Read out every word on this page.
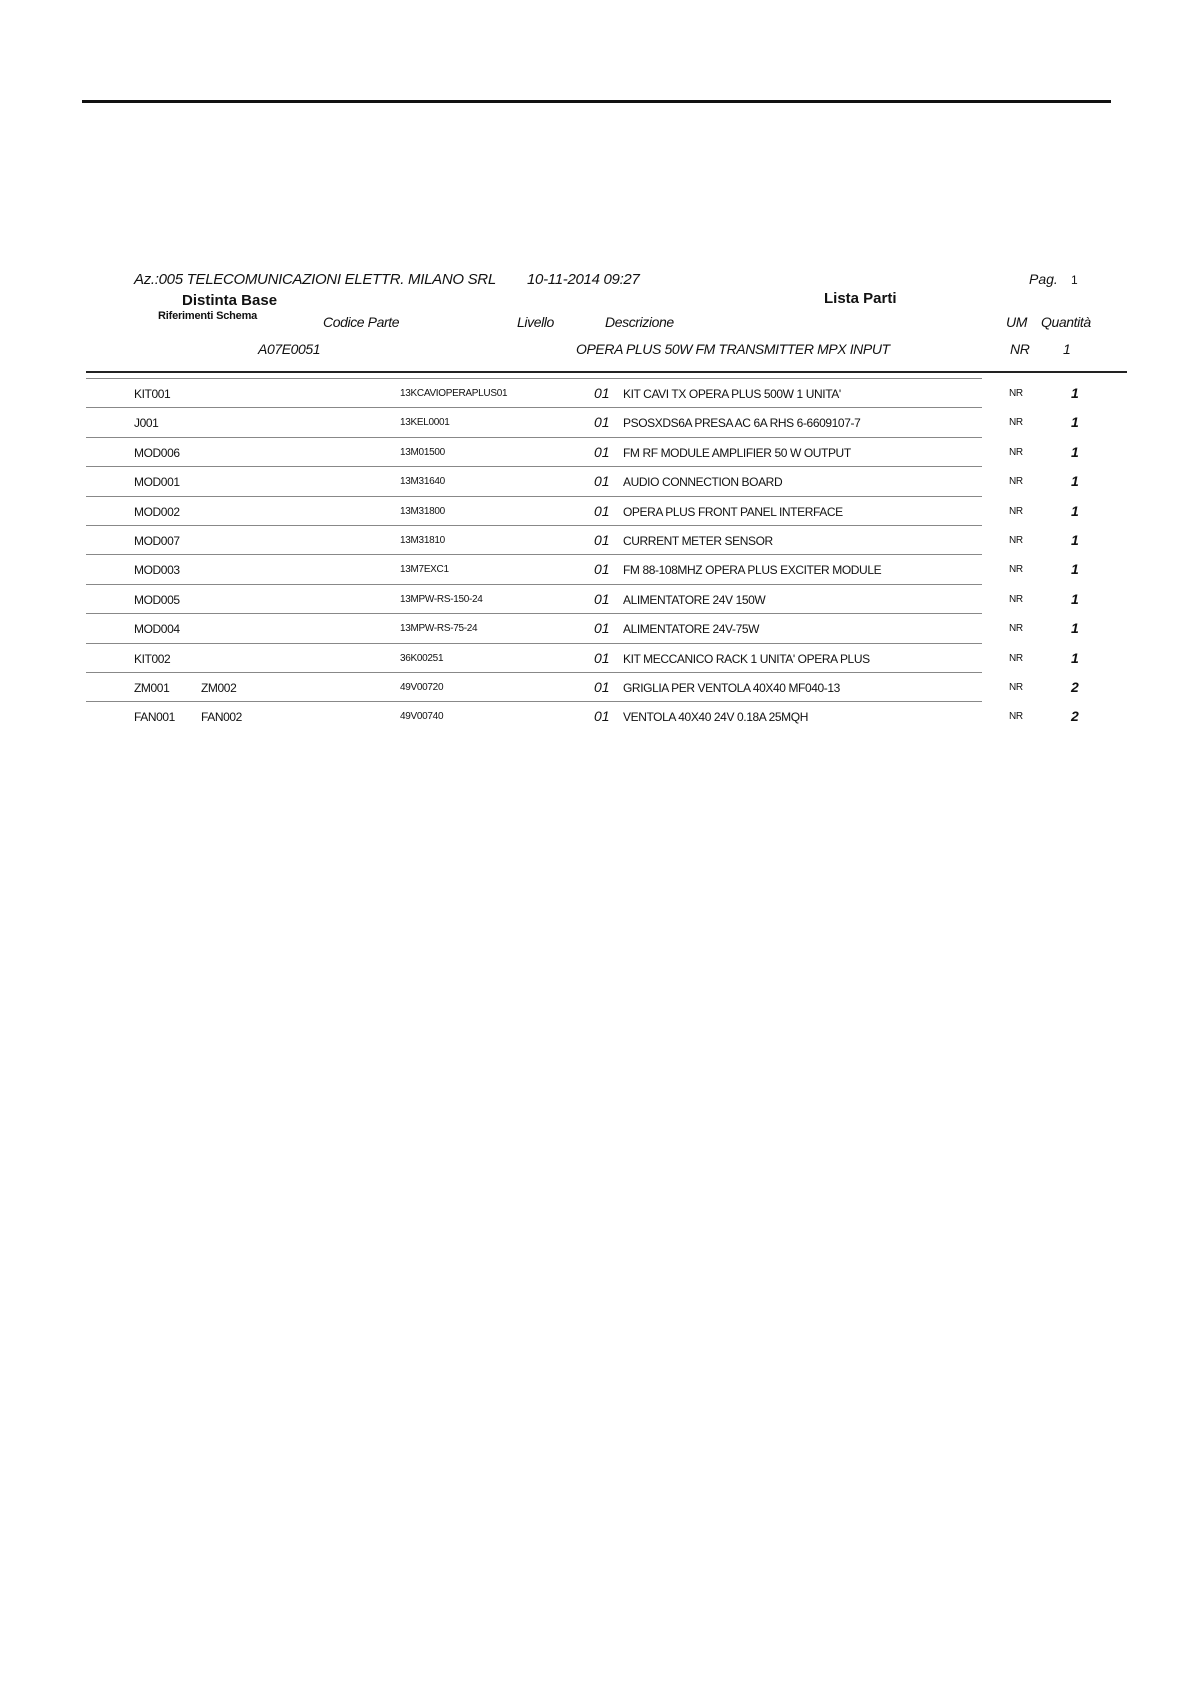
Az.:005 TELECOMUNICAZIONI ELETTR. MILANO SRL 10-11-2014 09:27	Pag. 1
Distinta Base
Riferimenti Schema
Lista Parti
Codice Parte	Livello	Descrizione	UM Quantità
A07E0051	OPERA PLUS 50W FM TRANSMITTER MPX INPUT	NR 1
KIT001	13KCAVIOPERAPLUS01	01 KIT CAVI TX OPERA PLUS 500W 1 UNITA'	NR	1
J001	13KEL0001	01 PSOSXDS6A PRESA AC 6A RHS 6-6609107-7	NR	1
MOD006	13M01500	01 FM RF MODULE AMPLIFIER 50 W OUTPUT	NR	1
MOD001	13M31640	01 AUDIO CONNECTION BOARD	NR	1
MOD002	13M31800	01 OPERA PLUS FRONT PANEL INTERFACE	NR	1
MOD007	13M31810	01 CURRENT METER SENSOR	NR	1
MOD003	13M7EXC1	01 FM 88-108MHZ OPERA PLUS EXCITER MODULE	NR	1
MOD005	13MPW-RS-150-24	01 ALIMENTATORE 24V 150W	NR	1
MOD004	13MPW-RS-75-24	01 ALIMENTATORE 24V-75W	NR	1
KIT002	36K00251	01 KIT MECCANICO RACK 1 UNITA' OPERA PLUS	NR	1
ZM001	ZM002	49V00720	01 GRIGLIA PER VENTOLA 40X40 MF040-13	NR	2
FAN001 FAN002	49V00740	01 VENTOLA 40X40 24V 0.18A 25MQH	NR	2
